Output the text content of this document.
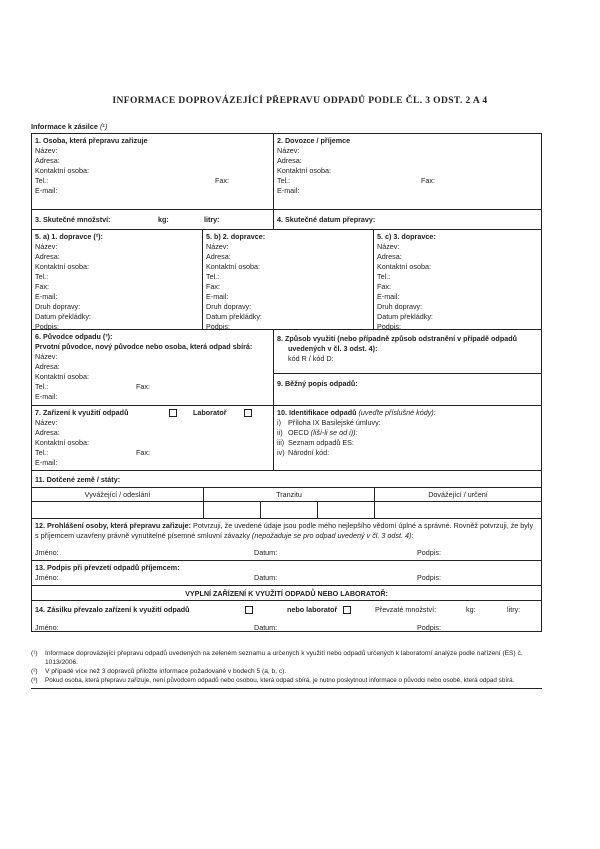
INFORMACE DOPROVÁZEJÍCÍ PŘEPRAVU ODPADŮ PODLE ČL. 3 ODST. 2 A 4
Informace k zásilce (¹)
1. Osoba, která přepravu zařizuje
Název:
Adresa:
Kontaktní osoba:
Tel.:	Fax:
E-mail:
2. Dovozce / příjemce
Název:
Adresa:
Kontaktní osoba:
Tel.:	Fax:
E-mail:
3. Skutečné množství:	kg:	litry:	4. Skutečné datum přepravy:
5. a) 1. dopravce (²):
Název:
Adresa:
Kontaktní osoba:
Tel.:
Fax:
E-mail:
Druh dopravy:
Datum překládky:
Podpis:
5. b) 2. dopravce:
Název:
Adresa:
Kontaktní osoba:
Tel.:
Fax:
E-mail:
Druh dopravy:
Datum překládky:
Podpis:
5. c) 3. dopravce:
Název:
Adresa:
Kontaktní osoba:
Tel.:
Fax:
E-mail:
Druh dopravy:
Datum překládky:
Podpis:
6. Původce odpadu (³):
Prvotní původce, nový původce nebo osoba, která odpad sbírá:
Název:
Adresa:
Kontaktní osoba:
Tel.:	Fax:
E-mail:
8. Způsob využití (nebo případně způsob odstranění v případě odpadů
uvedených v čl. 3 odst. 4):
kód R / kód D:
9. Běžný popis odpadů:
7. Zařízení k využití odpadů	Laboratoř
Název:
Adresa:
Kontaktní osoba:
Tel.:	Fax:
E-mail:
10. Identifikace odpadů (uveďte příslušné kódy):
i) Příloha IX Basilejské úmluvy:
ii) OECD (liší-li se od i)):
iii) Seznam odpadů ES:
iv) Národní kód:
11. Dotčené země / státy:
Vyvážející / odeslání	Tranzitu	Dovážející / určení
12. Prohlášení osoby, která přepravu zařizuje: Potvrzuji, že uvedené údaje jsou podle mého nejlepšího vědomí úplné a správné. Rovněž potvrzuji, že byly s příjemcem uzavřeny právně vynutitelné písemné smluvní závazky (nepožaduje se pro odpad uvedený v čl. 3 odst. 4):
Jméno:	Datum:	Podpis:
13. Podpis při převzetí odpadů příjemcem:
Jméno:	Datum:	Podpis:
VYPLNÍ ZAŘÍZENÍ K VYUŽITÍ ODPADŮ NEBO LABORATOŘ:
14. Zásilku převzalo zařízení k využití odpadů	nebo laboratoř	Převzaté množství:	kg:	litry:
Jméno:	Datum:	Podpis:
(¹)	Informace doprovázející přepravu odpadů uvedených na zeleném seznamu a určených k využití nebo odpadů určených k laboratorní analýze podle nařízení (ES) č. 1013/2006.
(²)	V případě více než 3 dopravců přiložte informace požadované v bodech 5 (a, b, c).
(³)	Pokud osoba, která přepravu zařizuje, není původcem odpadů nebo osobou, která odpad sbírá, je nutno poskytnout informace o původci nebo osobě, která odpad sbírá.
